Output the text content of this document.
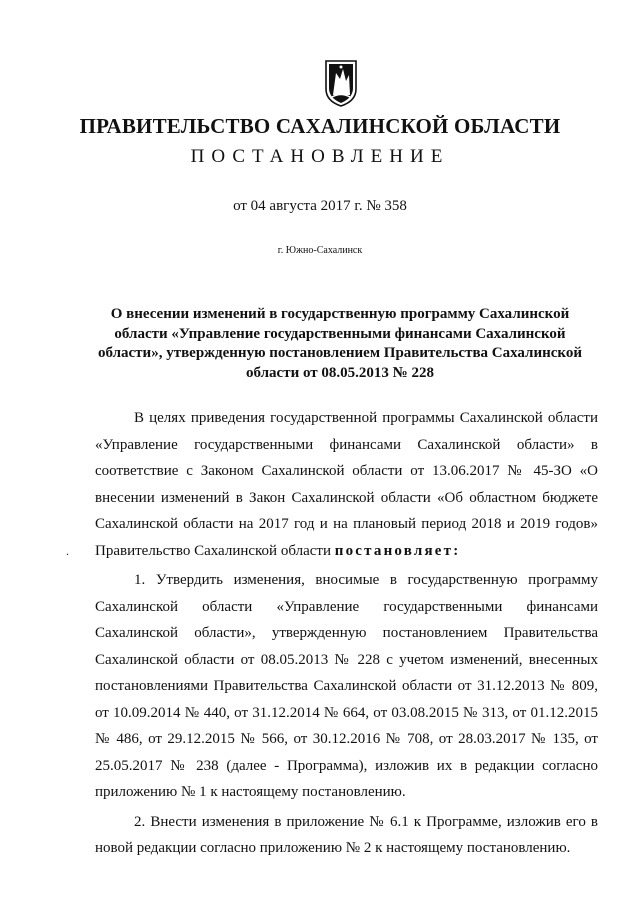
ПРАВИТЕЛЬСТВО САХАЛИНСКОЙ ОБЛАСТИ
ПОСТАНОВЛЕНИЕ
от 04 августа 2017 г. № 358
г. Южно-Сахалинск
О внесении изменений в государственную программу Сахалинской области «Управление государственными финансами Сахалинской области», утвержденную постановлением Правительства Сахалинской области от 08.05.2013 № 228
.

В целях приведения государственной программы Сахалинской области «Управление государственными финансами Сахалинской области» в соответствие с Законом Сахалинской области от 13.06.2017 № 45-ЗО «О внесении изменений в Закон Сахалинской области «Об областном бюджете Сахалинской области на 2017 год и на плановый период 2018 и 2019 годов» Правительство Сахалинской области постановляет:

1. Утвердить изменения, вносимые в государственную программу Сахалинской области «Управление государственными финансами Сахалинской области», утвержденную постановлением Правительства Сахалинской области от 08.05.2013 № 228 с учетом изменений, внесенных постановлениями Правительства Сахалинской области от 31.12.2013 № 809, от 10.09.2014 № 440, от 31.12.2014 № 664, от 03.08.2015 № 313, от 01.12.2015 № 486, от 29.12.2015 № 566, от 30.12.2016 № 708, от 28.03.2017 № 135, от 25.05.2017 № 238 (далее - Программа), изложив их в редакции согласно приложению № 1 к настоящему постановлению.

2. Внести изменения в приложение № 6.1 к Программе, изложив его в новой редакции согласно приложению № 2 к настоящему постановлению.
